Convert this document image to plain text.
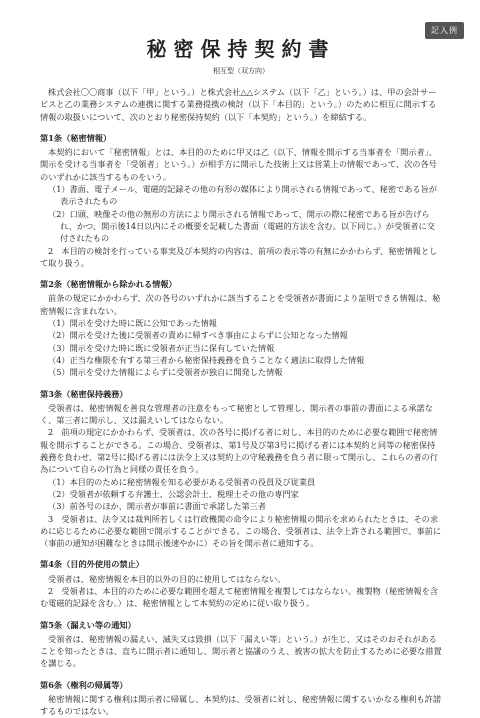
記入例
秘密保持契約書
相互型（双方向）

株式会社〇〇商事（以下「甲」という。）と株式会社△△システム（以下「乙」という。）は、甲の会計サービスと乙の業務システムの連携に関する業務提携の検討（以下「本目的」という。）のために相互に開示する情報の取扱いについて、次のとおり秘密保持契約（以下「本契約」という。）を締結する。

第1条（秘密情報）

本契約において「秘密情報」とは、本目的のために甲又は乙（以下、情報を開示する当事者を「開示者」、開示を受ける当事者を「受領者」という。）が相手方に開示した技術上又は営業上の情報であって、次の各号のいずれかに該当するものをいう。

（1）書面、電子メール、電磁的記録その他の有形の媒体により開示される情報であって、秘密である旨が表示されたもの

（2）口頭、映像その他の無形の方法により開示される情報であって、開示の際に秘密である旨が告げられ、かつ、開示後14日以内にその概要を記載した書面（電磁的方法を含む。以下同じ。）が受領者に交付されたもの

2　本目的の検討を行っている事実及び本契約の内容は、前項の表示等の有無にかかわらず、秘密情報として取り扱う。

第2条（秘密情報から除かれる情報）

前条の規定にかかわらず、次の各号のいずれかに該当することを受領者が書面により証明できる情報は、秘密情報に含まれない。

（1）開示を受けた時に既に公知であった情報

（2）開示を受けた後に受領者の責めに帰すべき事由によらずに公知となった情報

（3）開示を受けた時に既に受領者が正当に保有していた情報

（4）正当な権限を有する第三者から秘密保持義務を負うことなく適法に取得した情報

（5）開示を受けた情報によらずに受領者が独自に開発した情報

第3条（秘密保持義務）

受領者は、秘密情報を善良な管理者の注意をもって秘密として管理し、開示者の事前の書面による承諾なく、第三者に開示し、又は漏えいしてはならない。

2　前項の規定にかかわらず、受領者は、次の各号に掲げる者に対し、本目的のために必要な範囲で秘密情報を開示することができる。この場合、受領者は、第1号及び第3号に掲げる者には本契約と同等の秘密保持義務を負わせ、第2号に掲げる者には法令上又は契約上の守秘義務を負う者に限って開示し、これらの者の行為について自らの行為と同様の責任を負う。

（1）本目的のために秘密情報を知る必要がある受領者の役員及び従業員

（2）受領者が依頼する弁護士、公認会計士、税理士その他の専門家

（3）前各号のほか、開示者が事前に書面で承諾した第三者

3　受領者は、法令又は裁判所若しくは行政機関の命令により秘密情報の開示を求められたときは、その求めに応じるために必要な範囲で開示することができる。この場合、受領者は、法令上許される範囲で、事前に（事前の通知が困難なときは開示後速やかに）その旨を開示者に通知する。

第4条（目的外使用の禁止）

受領者は、秘密情報を本目的以外の目的に使用してはならない。

2　受領者は、本目的のために必要な範囲を超えて秘密情報を複製してはならない。複製物（秘密情報を含む電磁的記録を含む。）は、秘密情報として本契約の定めに従い取り扱う。

第5条（漏えい等の通知）

受領者は、秘密情報の漏えい、滅失又は毀損（以下「漏えい等」という。）が生じ、又はそのおそれがあることを知ったときは、直ちに開示者に通知し、開示者と協議のうえ、被害の拡大を防止するために必要な措置を講じる。

第6条（権利の帰属等）

秘密情報に関する権利は開示者に帰属し、本契約は、受領者に対し、秘密情報に関するいかなる権利も許諾するものではない。
